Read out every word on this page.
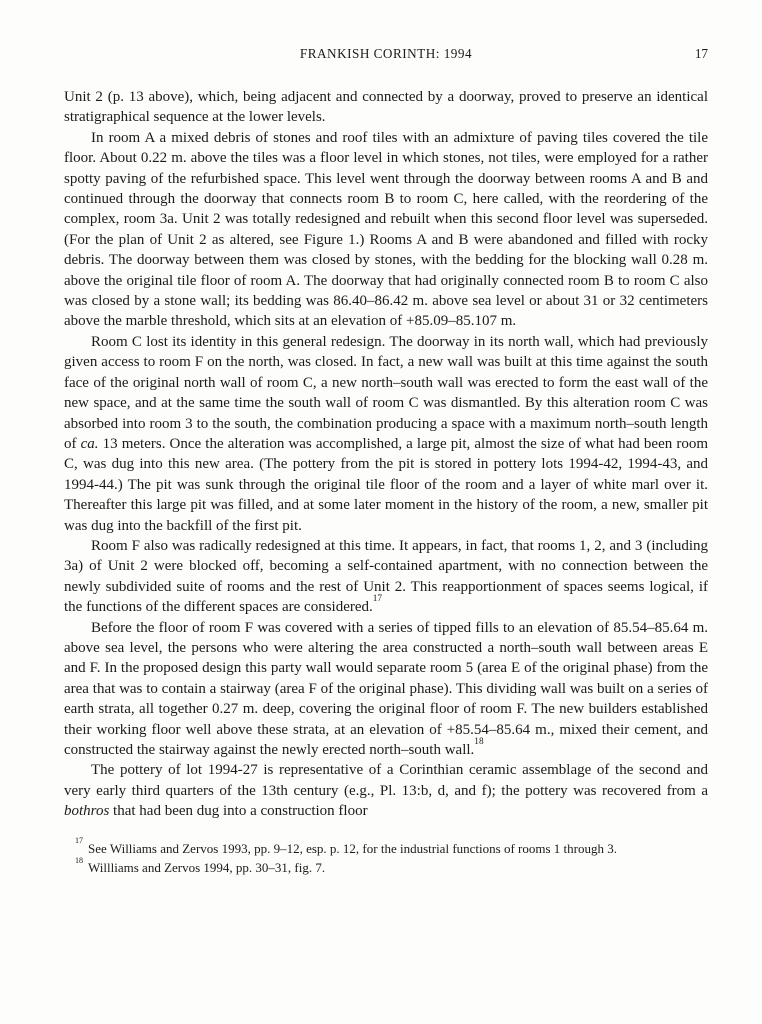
FRANKISH CORINTH: 1994	17

Unit 2 (p. 13 above), which, being adjacent and connected by a doorway, proved to preserve an identical stratigraphical sequence at the lower levels.

In room A a mixed debris of stones and roof tiles with an admixture of paving tiles covered the tile floor. About 0.22 m. above the tiles was a floor level in which stones, not tiles, were employed for a rather spotty paving of the refurbished space. This level went through the doorway between rooms A and B and continued through the doorway that connects room B to room C, here called, with the reordering of the complex, room 3a. Unit 2 was totally redesigned and rebuilt when this second floor level was superseded. (For the plan of Unit 2 as altered, see Figure 1.) Rooms A and B were abandoned and filled with rocky debris. The doorway between them was closed by stones, with the bedding for the blocking wall 0.28 m. above the original tile floor of room A. The doorway that had originally connected room B to room C also was closed by a stone wall; its bedding was 86.40–86.42 m. above sea level or about 31 or 32 centimeters above the marble threshold, which sits at an elevation of +85.09–85.107 m.

Room C lost its identity in this general redesign. The doorway in its north wall, which had previously given access to room F on the north, was closed. In fact, a new wall was built at this time against the south face of the original north wall of room C, a new north–south wall was erected to form the east wall of the new space, and at the same time the south wall of room C was dismantled. By this alteration room C was absorbed into room 3 to the south, the combination producing a space with a maximum north–south length of ca. 13 meters. Once the alteration was accomplished, a large pit, almost the size of what had been room C, was dug into this new area. (The pottery from the pit is stored in pottery lots 1994-42, 1994-43, and 1994-44.) The pit was sunk through the original tile floor of the room and a layer of white marl over it. Thereafter this large pit was filled, and at some later moment in the history of the room, a new, smaller pit was dug into the backfill of the first pit.

Room F also was radically redesigned at this time. It appears, in fact, that rooms 1, 2, and 3 (including 3a) of Unit 2 were blocked off, becoming a self-contained apartment, with no connection between the newly subdivided suite of rooms and the rest of Unit 2. This reapportionment of spaces seems logical, if the functions of the different spaces are considered.$^{17}$

Before the floor of room F was covered with a series of tipped fills to an elevation of 85.54–85.64 m. above sea level, the persons who were altering the area constructed a north–south wall between areas E and F. In the proposed design this party wall would separate room 5 (area E of the original phase) from the area that was to contain a stairway (area F of the original phase). This dividing wall was built on a series of earth strata, all together 0.27 m. deep, covering the original floor of room F. The new builders established their working floor well above these strata, at an elevation of +85.54–85.64 m., mixed their cement, and constructed the stairway against the newly erected north–south wall.$^{18}$

The pottery of lot 1994-27 is representative of a Corinthian ceramic assemblage of the second and very early third quarters of the 13th century (e.g., Pl. 13:b, d, and f); the pottery was recovered from a bothros that had been dug into a construction floor

$^{17}$ See Williams and Zervos 1993, pp. 9–12, esp. p. 12, for the industrial functions of rooms 1 through 3.

$^{18}$ Willliams and Zervos 1994, pp. 30–31, fig. 7.
